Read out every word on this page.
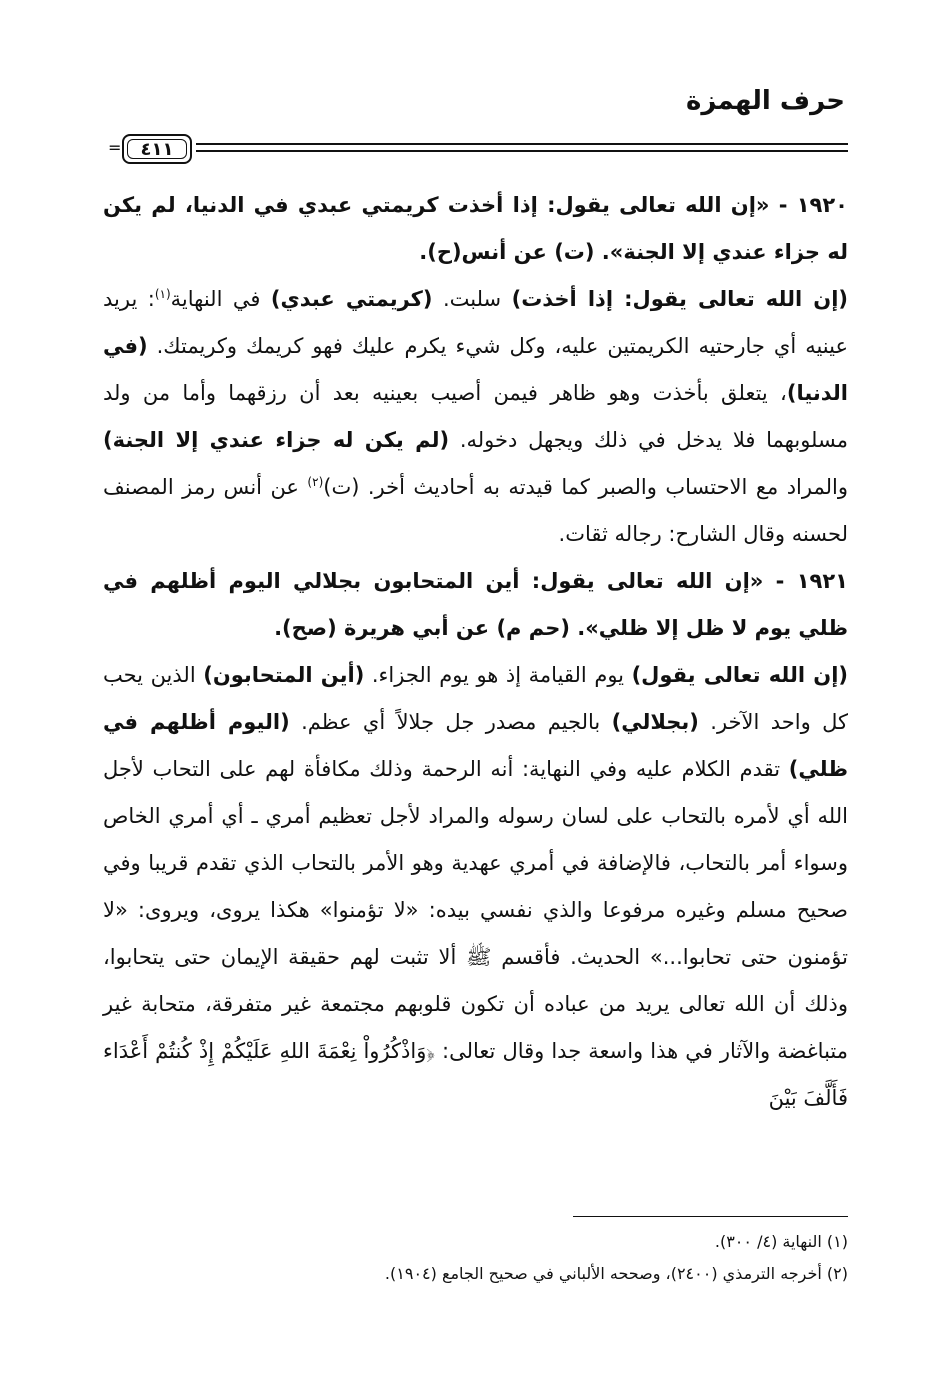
حرف الهمزة
= ٤١١

١٩٢٠ - «إن الله تعالى يقول: إذا أخذت كريمتي عبدي في الدنيا، لم يكن له جزاء عندي إلا الجنة». (ت) عن أنس(ح).

(إن الله تعالى يقول: إذا أخذت) سلبت. (كريمتي عبدي) في النهاية$^{(١)}$: يريد عينيه أي جارحتيه الكريمتين عليه، وكل شيء يكرم عليك فهو كريمك وكريمتك. (في الدنيا)، يتعلق بأخذت وهو ظاهر فيمن أصيب بعينيه بعد أن رزقهما وأما من ولد مسلوبهما فلا يدخل في ذلك ويجهل دخوله. (لم يكن له جزاء عندي إلا الجنة) والمراد مع الاحتساب والصبر كما قيدته به أحاديث أخر. (ت)$^{(٢)}$ عن أنس رمز المصنف لحسنه وقال الشارح: رجاله ثقات.

١٩٢١ - «إن الله تعالى يقول: أين المتحابون بجلالي اليوم أظلهم في ظلي يوم لا ظل إلا ظلي». (حم م) عن أبي هريرة (صح).

(إن الله تعالى يقول) يوم القيامة إذ هو يوم الجزاء. (أين المتحابون) الذين يحب كل واحد الآخر. (بجلالي) بالجيم مصدر جل جلالاً أي عظم. (اليوم أظلهم في ظلي) تقدم الكلام عليه وفي النهاية: أنه الرحمة وذلك مكافأة لهم على التحاب لأجل الله أي لأمره بالتحاب على لسان رسوله والمراد لأجل تعظيم أمري ـ أي أمري الخاص وسواء أمر بالتحاب، فالإضافة في أمري عهدية وهو الأمر بالتحاب الذي تقدم قريبا وفي صحيح مسلم وغيره مرفوعا والذي نفسي بيده: «لا تؤمنوا» هكذا يروى، ويروى: «لا تؤمنون حتى تحابوا...» الحديث. فأقسم ﷺ ألا تثبت لهم حقيقة الإيمان حتى يتحابوا، وذلك أن الله تعالى يريد من عباده أن تكون قلوبهم مجتمعة غير متفرقة، متحابة غير متباغضة والآثار في هذا واسعة جدا وقال تعالى: ﴿وَاذْكُرُواْ نِعْمَةَ اللهِ عَلَيْكُمْ إِذْ كُنتُمْ أَعْدَاء فَأَلَّفَ بَيْنَ

(١) النهاية (٤/ ٣٠٠).

(٢) أخرجه الترمذي (٢٤٠٠)، وصححه الألباني في صحيح الجامع (١٩٠٤).
